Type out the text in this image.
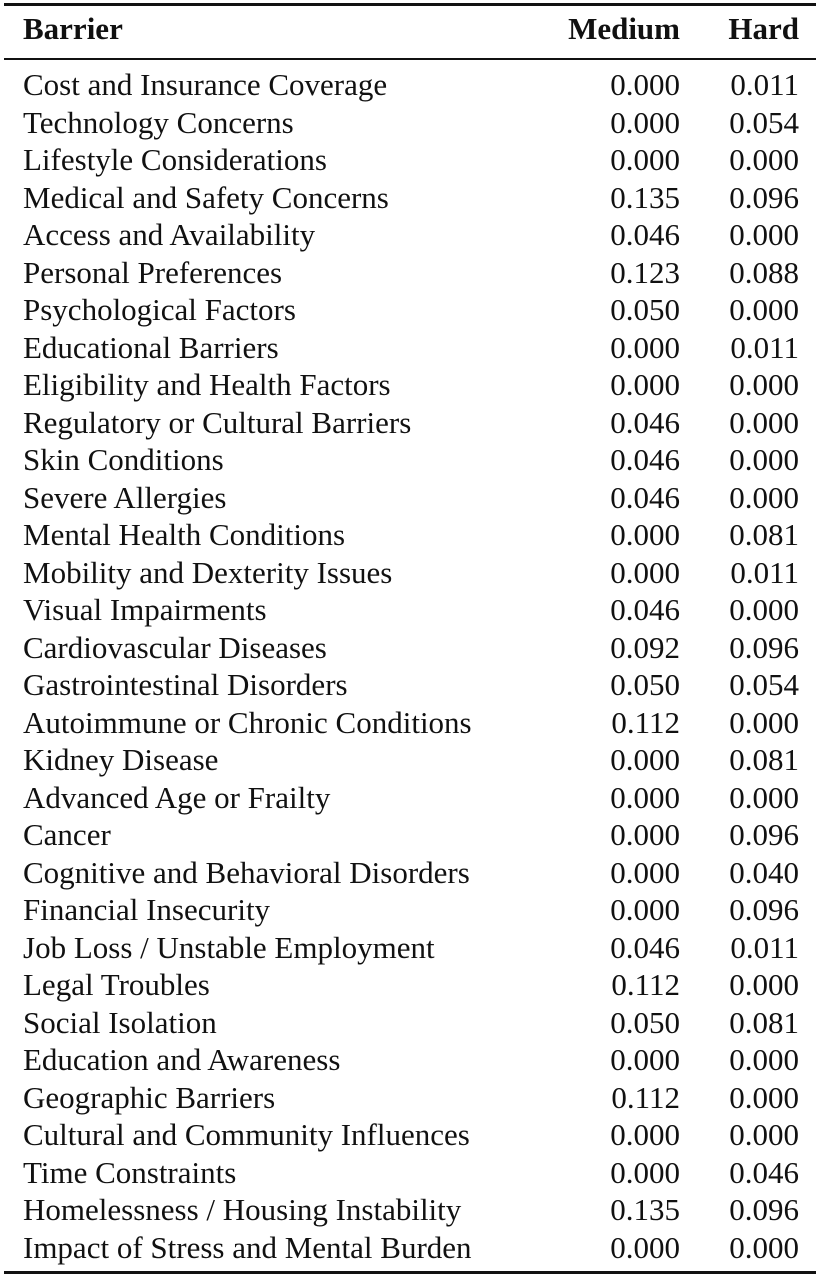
Barrier	Medium Hard
Cost and Insurance Coverage	0.000 0.011
Technology Concerns	0.000 0.054
Lifestyle Considerations	0.000 0.000
Medical and Safety Concerns	0.135 0.096
Access and Availability	0.046 0.000
Personal Preferences	0.123 0.088
Psychological Factors	0.050 0.000
Educational Barriers	0.000 0.011
Eligibility and Health Factors	0.000 0.000
Regulatory or Cultural Barriers	0.046 0.000
Skin Conditions	0.046 0.000
Severe Allergies	0.046 0.000
Mental Health Conditions	0.000 0.081
Mobility and Dexterity Issues	0.000 0.011
Visual Impairments	0.046 0.000
Cardiovascular Diseases	0.092 0.096
Gastrointestinal Disorders	0.050 0.054
Autoimmune or Chronic Conditions	0.112 0.000
Kidney Disease	0.000 0.081
Advanced Age or Frailty	0.000 0.000
Cancer	0.000 0.096
Cognitive and Behavioral Disorders	0.000 0.040
Financial Insecurity	0.000 0.096
Job Loss / Unstable Employment	0.046 0.011
Legal Troubles	0.112 0.000
Social Isolation	0.050 0.081
Education and Awareness	0.000 0.000
Geographic Barriers	0.112 0.000
Cultural and Community Influences	0.000 0.000
Time Constraints	0.000 0.046
Homelessness / Housing Instability	0.135 0.096
Impact of Stress and Mental Burden	0.000 0.000
